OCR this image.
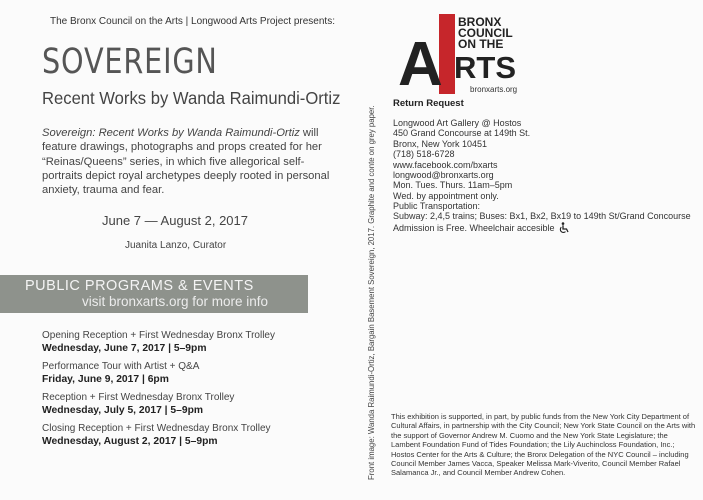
The Bronx Council on the Arts | Longwood Arts Project presents:
SOVEREIGN
Recent Works by Wanda Raimundi-Ortiz
Sovereign: Recent Works by Wanda Raimundi-Ortiz will feature drawings, photographs and props created for her “Reinas/Queens” series, in which five allegorical self-portraits depict royal archetypes deeply rooted in personal anxiety, trauma and fear.
June 7 — August 2, 2017
Juanita Lanzo, Curator
PUBLIC PROGRAMS & EVENTS
visit bronxarts.org for more info
Opening Reception + First Wednesday Bronx Trolley
Wednesday, June 7, 2017 | 5–9pm
Performance Tour with Artist + Q&A
Friday, June 9, 2017 | 6pm
Reception + First Wednesday Bronx Trolley
Wednesday, July 5, 2017 | 5–9pm
Closing Reception + First Wednesday Bronx Trolley
Wednesday, August 2, 2017 | 5–9pm	Front image: Wanda Raimundi-Ortiz, Bargain Basement Sovereign, 2017. Graphite and conte on grey paper.
A
BRONX
COUNCIL
ON THE
RTS
bronxarts.org
Return Request
Longwood Art Gallery @ Hostos
450 Grand Concourse at 149th St.
Bronx, New York 10451
(718) 518-6728
www.facebook.com/bxarts
longwood@bronxarts.org
Mon. Tues. Thurs. 11am–5pm
Wed. by appointment only.
Public Transportation:
Subway: 2,4,5 trains; Buses: Bx1, Bx2, Bx19 to 149th St/Grand Concourse
Admission is Free. Wheelchair accesible
This exhibition is supported, in part, by public funds from the New York City Department of Cultural Affairs, in partnership with the City Council; New York State Council on the Arts with the support of Governor Andrew M. Cuomo and the New York State Legislature; the Lambent Foundation Fund of Tides Foundation; the Lily Auchincloss Foundation, Inc.; Hostos Center for the Arts & Culture; the Bronx Delegation of the NYC Council – including Council Member James Vacca, Speaker Melissa Mark-Viverito, Council Member Rafael Salamanca Jr., and Council Member Andrew Cohen.
